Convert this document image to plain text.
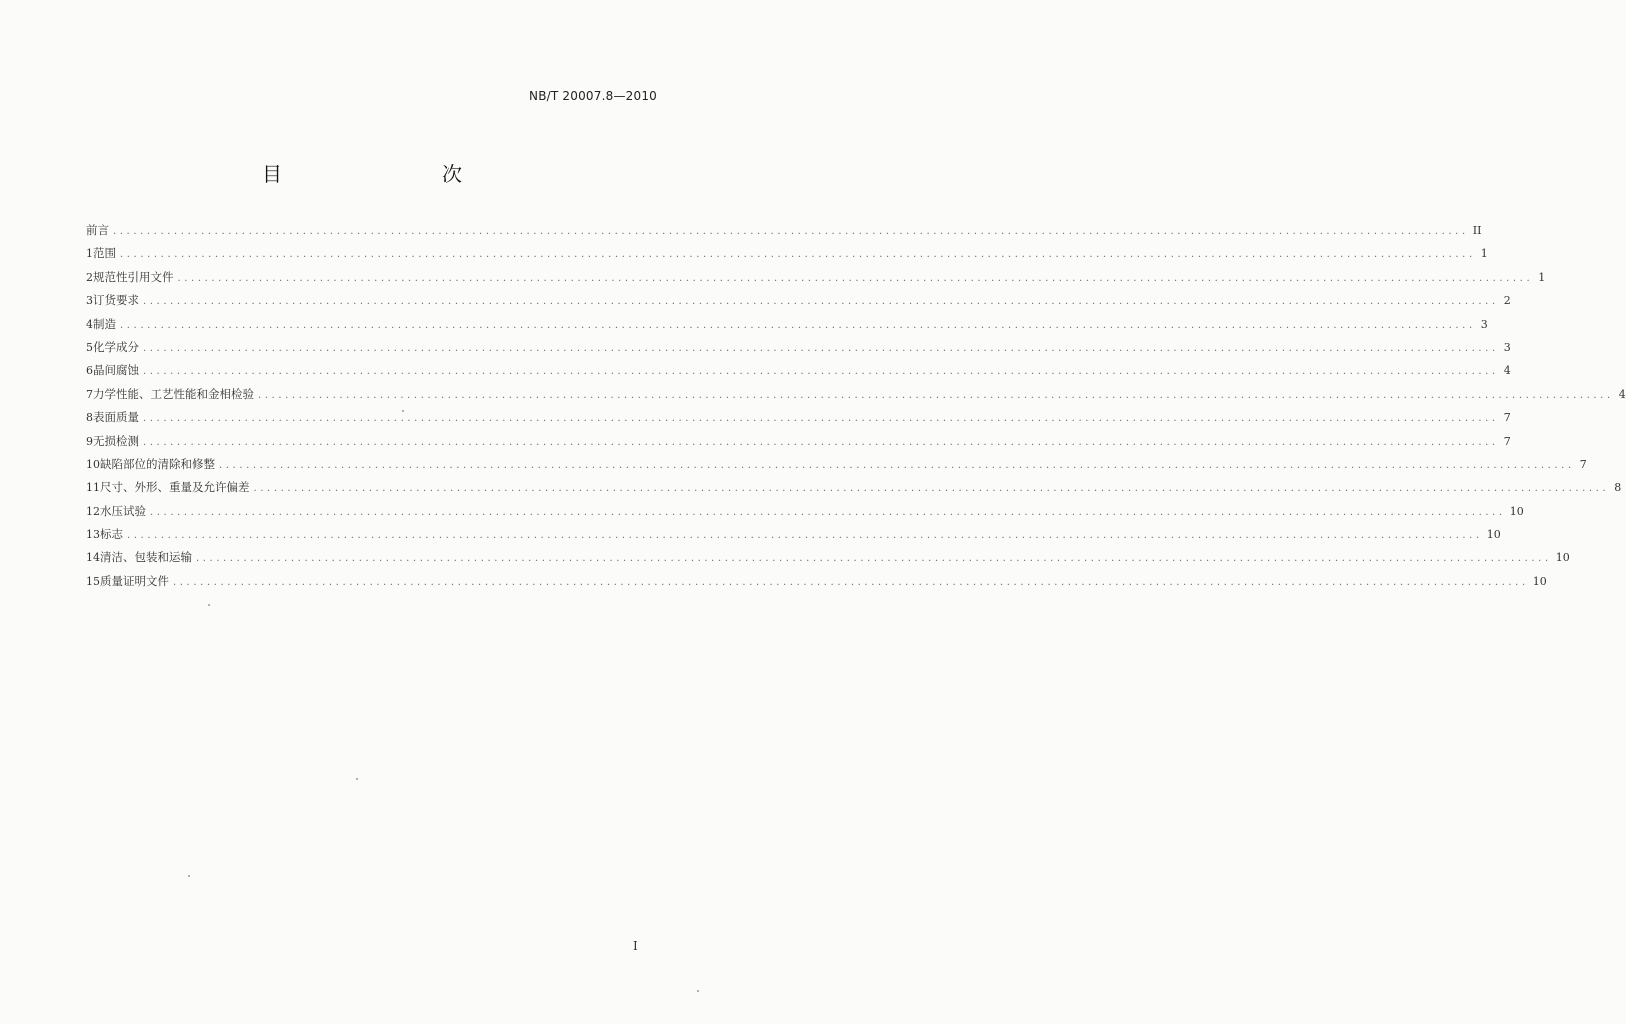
NB/T 20007.8—2010
目　　次
前言 ........................................................................................................................................................................................................ II
1 范围 ........................................................................................................................................................................................................ 1
2 规范性引用文件 ........................................................................................................................................................................................................ 1
3 订货要求 ........................................................................................................................................................................................................ 2
4 制造 ........................................................................................................................................................................................................ 3
5 化学成分 ........................................................................................................................................................................................................ 3
6 晶间腐蚀 ........................................................................................................................................................................................................ 4
7 力学性能、工艺性能和金相检验 ........................................................................................................................................................................................................ 4
8 表面质量 ........................................................................................................................................................................................................ 7
9 无损检测 ........................................................................................................................................................................................................ 7
10 缺陷部位的清除和修整 ........................................................................................................................................................................................................ 7
11 尺寸、外形、重量及允许偏差 ........................................................................................................................................................................................................ 8
12 水压试验 ........................................................................................................................................................................................................ 10
13 标志 ........................................................................................................................................................................................................ 10
14 清洁、包装和运输 ........................................................................................................................................................................................................ 10
15 质量证明文件 ........................................................................................................................................................................................................ 10
I
